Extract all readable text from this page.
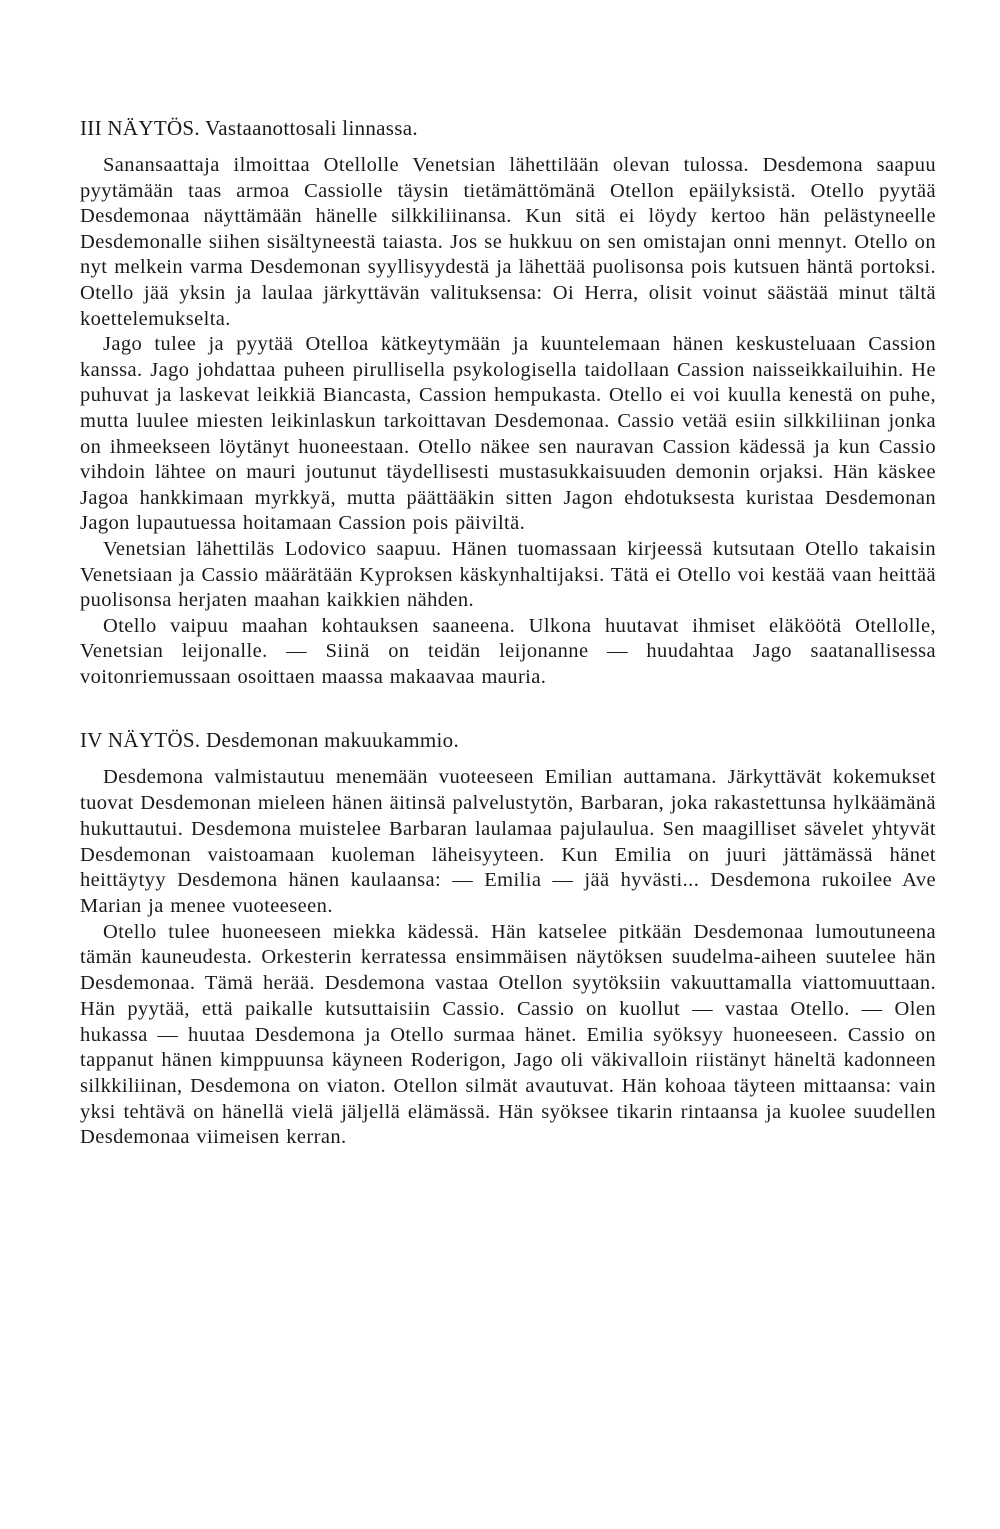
III NÄYTÖS. Vastaanottosali linnassa.

Sanansaattaja ilmoittaa Otellolle Venetsian lähettilään olevan tulossa. Desdemona saapuu pyytämään taas armoa Cassiolle täysin tietämättömänä Otellon epäilyksistä. Otello pyytää Desdemonaa näyttämään hänelle silkkiliinansa. Kun sitä ei löydy kertoo hän pelästyneelle Desdemonalle siihen sisältyneestä taiasta. Jos se hukkuu on sen omistajan onni mennyt. Otello on nyt melkein varma Desdemonan syyllisyydestä ja lähettää puolisonsa pois kutsuen häntä portoksi. Otello jää yksin ja laulaa järkyttävän valituksensa: Oi Herra, olisit voinut säästää minut tältä koettelemukselta.

Jago tulee ja pyytää Otelloa kätkeytymään ja kuuntelemaan hänen keskusteluaan Cassion kanssa. Jago johdattaa puheen pirullisella psykologisella taidollaan Cassion naisseikkailuihin. He puhuvat ja laskevat leikkiä Biancasta, Cassion hempukasta. Otello ei voi kuulla kenestä on puhe, mutta luulee miesten leikinlaskun tarkoittavan Desdemonaa. Cassio vetää esiin silkkiliinan jonka on ihmeekseen löytänyt huoneestaan. Otello näkee sen nauravan Cassion kädessä ja kun Cassio vihdoin lähtee on mauri joutunut täydellisesti mustasukkaisuuden demonin orjaksi. Hän käskee Jagoa hankkimaan myrkkyä, mutta päättääkin sitten Jagon ehdotuksesta kuristaa Desdemonan Jagon lupautuessa hoitamaan Cassion pois päiviltä.

Venetsian lähettiläs Lodovico saapuu. Hänen tuomassaan kirjeessä kutsutaan Otello takaisin Venetsiaan ja Cassio määrätään Kyproksen käskynhaltijaksi. Tätä ei Otello voi kestää vaan heittää puolisonsa herjaten maahan kaikkien nähden.

Otello vaipuu maahan kohtauksen saaneena. Ulkona huutavat ihmiset eläköötä Otellolle, Venetsian leijonalle. — Siinä on teidän leijonanne — huudahtaa Jago saatanallisessa voitonriemussaan osoittaen maassa makaavaa mauria.

IV NÄYTÖS. Desdemonan makuukammio.

Desdemona valmistautuu menemään vuoteeseen Emilian auttamana. Järkyttävät kokemukset tuovat Desdemonan mieleen hänen äitinsä palvelustytön, Barbaran, joka rakastettunsa hylkäämänä hukuttautui. Desdemona muistelee Barbaran laulamaa pajulaulua. Sen maagilliset sävelet yhtyvät Desdemonan vaistoamaan kuoleman läheisyyteen. Kun Emilia on juuri jättämässä hänet heittäytyy Desdemona hänen kaulaansa: — Emilia — jää hyvästi... Desdemona rukoilee Ave Marian ja menee vuoteeseen.

Otello tulee huoneeseen miekka kädessä. Hän katselee pitkään Desdemonaa lumoutuneena tämän kauneudesta. Orkesterin kerratessa ensimmäisen näytöksen suudelma-aiheen suutelee hän Desdemonaa. Tämä herää. Desdemona vastaa Otellon syytöksiin vakuuttamalla viattomuuttaan. Hän pyytää, että paikalle kutsuttaisiin Cassio. Cassio on kuollut — vastaa Otello. — Olen hukassa — huutaa Desdemona ja Otello surmaa hänet. Emilia syöksyy huoneeseen. Cassio on tappanut hänen kimppuunsa käyneen Roderigon, Jago oli väkivalloin riistänyt häneltä kadonneen silkkiliinan, Desdemona on viaton. Otellon silmät avautuvat. Hän kohoaa täyteen mittaansa: vain yksi tehtävä on hänellä vielä jäljellä elämässä. Hän syöksee tikarin rintaansa ja kuolee suudellen Desdemonaa viimeisen kerran.
